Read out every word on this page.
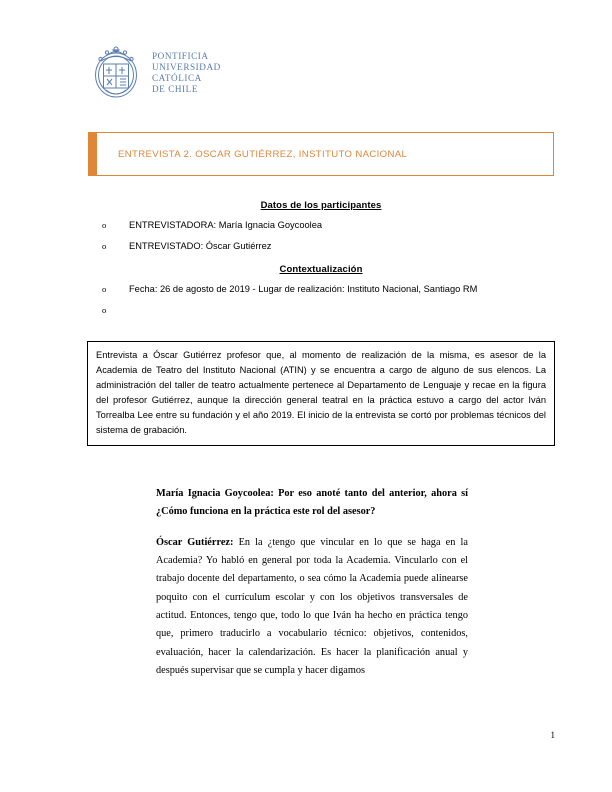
PONTIFICIA
UNIVERSIDAD
CATÓLICA
DE CHILE
ENTREVISTA 2. OSCAR GUTIÉRREZ, INSTITUTO NACIONAL
Datos de los participantes
o ENTREVISTADORA: María Ignacia Goycoolea
o ENTREVISTADO: Óscar Gutiérrez
Contextualización
o Fecha: 26 de agosto de 2019 - Lugar de realización: Instituto Nacional, Santiago RM
o

Entrevista a Óscar Gutiérrez profesor que, al momento de realización de la misma, es asesor de la Academia de Teatro del Instituto Nacional (ATIN) y se encuentra a cargo de alguno de sus elencos. La administración del taller de teatro actualmente pertenece al Departamento de Lenguaje y recae en la figura del profesor Gutiérrez, aunque la dirección general teatral en la práctica estuvo a cargo del actor Iván Torrealba Lee entre su fundación y el año 2019. El inicio de la entrevista se cortó por problemas técnicos del sistema de grabación.

María Ignacia Goycoolea: Por eso anoté tanto del anterior, ahora sí ¿Cómo funciona en la práctica este rol del asesor?

Óscar Gutiérrez: En la ¿tengo que vincular en lo que se haga en la Academia? Yo habló en general por toda la Academia. Vincularlo con el trabajo docente del departamento, o sea cómo la Academia puede alinearse poquito con el currículum escolar y con los objetivos transversales de actitud. Entonces, tengo que, todo lo que Iván ha hecho en práctica tengo que, primero traducirlo a vocabulario técnico: objetivos, contenidos, evaluación, hacer la calendarización. Es hacer la planificación anual y después supervisar que se cumpla y hacer digamos

1
